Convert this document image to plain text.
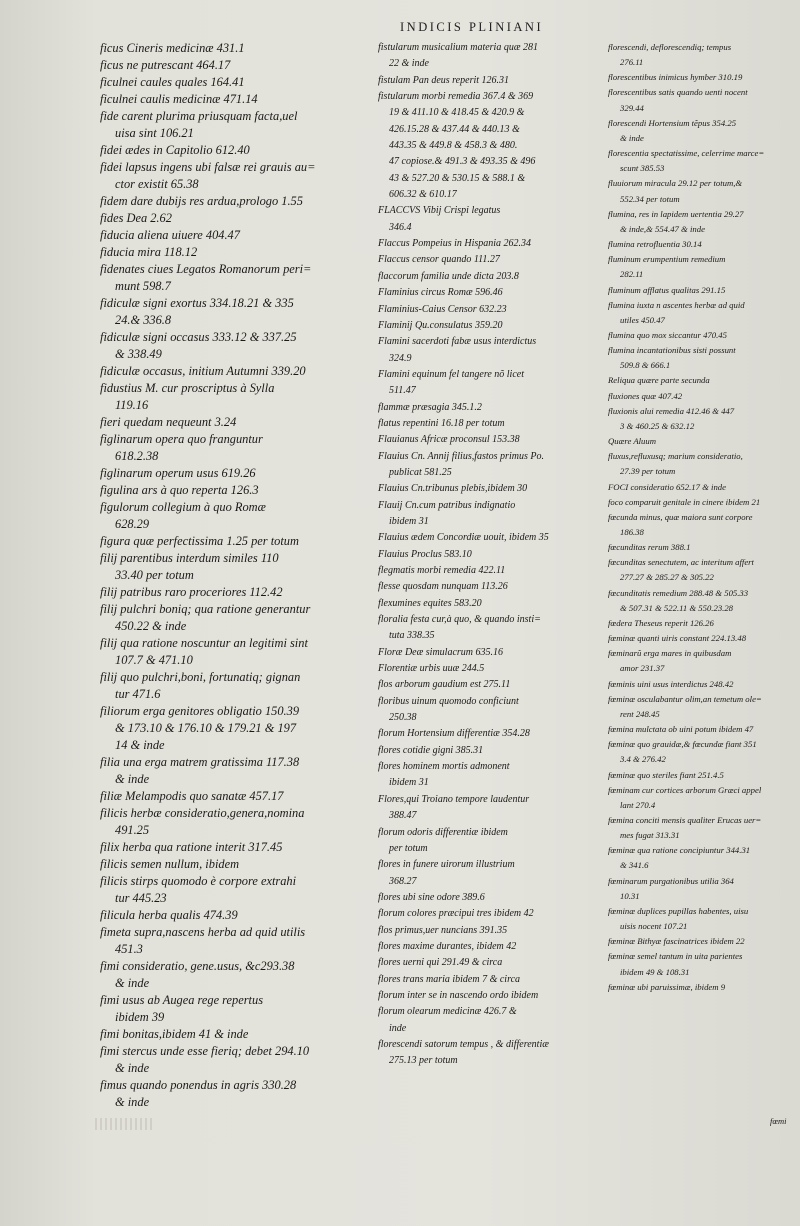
INDICIS PLINIANI
ficus Cineris medicinæ 431.1
ficus ne putrescant 464.17
ficulnei caules quales 164.41
ficulnei caulis medicinæ 471.14
fide carent plurima priusquam facta,uel
uisa sint 106.21
fidei ædes in Capitolio 612.40
fidei lapsus ingens ubi falsæ rei grauis au=
ctor existit 65.38
fidem dare dubijs res ardua,prologo 1.55
fides Dea 2.62
fiducia aliena uiuere 404.47
fiducia mira 118.12
fidenates ciues Legatos Romanorum peri=
munt 598.7
fidiculæ signi exortus 334.18.21 & 335
24.& 336.8
fidiculæ signi occasus 333.12 & 337.25
& 338.49
fidiculæ occasus, initium Autumni 339.20
fidustius M. cur proscriptus à Sylla
119.16
fieri quedam nequeunt 3.24
figlinarum opera quo franguntur
618.2.38
figlinarum operum usus 619.26
figulina ars à quo reperta 126.3
figulorum collegium à quo Romæ
628.29
figura quæ perfectissima 1.25 per totum
filij parentibus interdum similes 110
33.40 per totum
filij patribus raro proceriores 112.42
filij pulchri boniq; qua ratione generantur
450.22 & inde
filij qua ratione noscuntur an legitimi sint
107.7 & 471.10
filij quo pulchri,boni, fortunatiq; gignan
tur 471.6
filiorum erga genitores obligatio 150.39
& 173.10 & 176.10 & 179.21 & 197
14 & inde
filia una erga matrem gratissima 117.38
& inde
filiæ Melampodis quo sanatæ 457.17
filicis herbæ consideratio,genera,nomina
491.25
filix herba qua ratione interit 317.45
filicis semen nullum, ibidem
filicis stirps quomodo è corpore extrahi
tur 445.23
filicula herba qualis 474.39
fimeta supra,nascens herba ad quid utilis
451.3
fimi consideratio, gene.usus, &c293.38
& inde
fimi usus ab Augea rege repertus
ibidem 39
fimi bonitas,ibidem 41 & inde
fimi stercus unde esse fieriq; debet 294.10
& inde
fimus quando ponendus in agris 330.28
& inde
fistularum musicalium materia quæ 281
22 & inde
fistulam Pan deus reperit 126.31
fistularum morbi remedia 367.4 & 369
19 & 411.10 & 418.45 & 420.9 &
426.15.28 & 437.44 & 440.13 &
443.35 & 449.8 & 458.3 & 480.
47 copiose.& 491.3 & 493.35 & 496
43 & 527.20 & 530.15 & 588.1 &
606.32 & 610.17
FLACCVS Vibij Crispi legatus
346.4
Flaccus Pompeius in Hispania 262.34
Flaccus censor quando 111.27
flaccorum familia unde dicta 203.8
Flaminius circus Romæ 596.46
Flaminius-Caius Censor 632.23
Flaminij Qu.consulatus 359.20
Flamini sacerdoti fabæ usus interdictus
324.9
Flamini equinum fel tangere nõ licet
511.47
flammæ præsagia 345.1.2
flatus repentini 16.18 per totum
Flauianus Africæ proconsul 153.38
Flauius Cn. Annij filius,fastos primus Po.
publicat 581.25
Flauius Cn.tribunus plebis,ibidem 30
Flauij Cn.cum patribus indignatio
ibidem 31
Flauius ædem Concordiæ uouit, ibidem 35
Flauius Proclus 583.10
flegmatis morbi remedia 422.11
flesse quosdam nunquam 113.26
flexumines equites 583.20
floralia festa cur,à quo, & quando insti=
tuta 338.35
Floræ Deæ simulacrum 635.16
Florentiæ urbis uuæ 244.5
flos arborum gaudium est 275.11
floribus uinum quomodo conficiunt
250.38
florum Hortensium differentiæ 354.28
flores cotidie gigni 385.31
flores hominem mortis admonent
ibidem 31
Flores,qui Troiano tempore laudentur
388.47
florum odoris differentiæ ibidem
per totum
flores in funere uirorum illustrium
368.27
flores ubi sine odore 389.6
florum colores præcipui tres ibidem 42
flos primus,uer nuncians 391.35
flores maxime durantes, ibidem 42
flores uerni qui 291.49 & circa
flores trans maria ibidem 7 & circa
florum inter se in nascendo ordo ibidem
florum olearum medicinæ 426.7 &
inde
florescendi satorum tempus , & differentiæ
275.13 per totum
florescendi, deflorescendiq; tempus
276.11
florescentibus inimicus hymber 310.19
florescentibus satis quando uenti nocent
329.44
florescendi Hortensium tẽpus 354.25
& inde
florescentia spectatissime, celerrime marce=
scunt 385.53
fluuiorum miracula 29.12 per totum,&
552.34 per totum
flumina, res in lapidem uertentia 29.27
& inde,& 554.47 & inde
flumina retrofluentia 30.14
fluminum erumpentium remedium
282.11
fluminum afflatus qualitas 291.15
flumina iuxta n ascentes herbæ ad quid
utiles 450.47
flumina quo mox siccantur 470.45
flumina incantationibus sisti possunt
509.8 & 666.1
Reliqua quære parte secunda
fluxiones quæ 407.42
fluxionis alui remedia 412.46 & 447
3 & 460.25 & 632.12
Quære Aluum
fluxus,refluxusq; marium consideratio,
27.39 per totum
FOCI consideratio 652.17 & inde
foco comparuit genitale in cinere ibidem 21
fœcunda minus, quæ maiora sunt corpore
186.38
fœcunditas rerum 388.1
fœcunditas senectutem, ac interitum affert
277.27 & 285.27 & 305.22
fœcunditatis remedium 288.48 & 505.33
& 507.31 & 522.11 & 550.23.28
fœdera Theseus reperit 126.26
fœminæ quanti uiris constant 224.13.48
fœminarũ erga mares in quibusdam
amor 231.37
fœminis uini usus interdictus 248.42
fœminæ osculabantur olim,an temetum ole=
rent 248.45
fœmina mulctata ob uini potum ibidem 47
fœminæ quo grauidæ,& fœcundæ fiant 351
3.4 & 276.42
fœminæ quo steriles fiant 251.4.5
fœminam cur cortices arborum Græci appel
lant 270.4
fœmina conciti mensis qualiter Erucas uer=
mes fugat 313.31
fœminæ qua ratione concipiuntur 344.31
& 341.6
fœminarum purgationibus utilia 364
10.31
fœminæ duplices pupillas habentes, uisu
uisis nocent 107.21
fœminæ Bithyæ fascinatrices ibidem 22
fœminæ semel tantum in uita parientes
ibidem 49 & 108.31
fœminæ ubi paruissimæ, ibidem 9
fœmi
